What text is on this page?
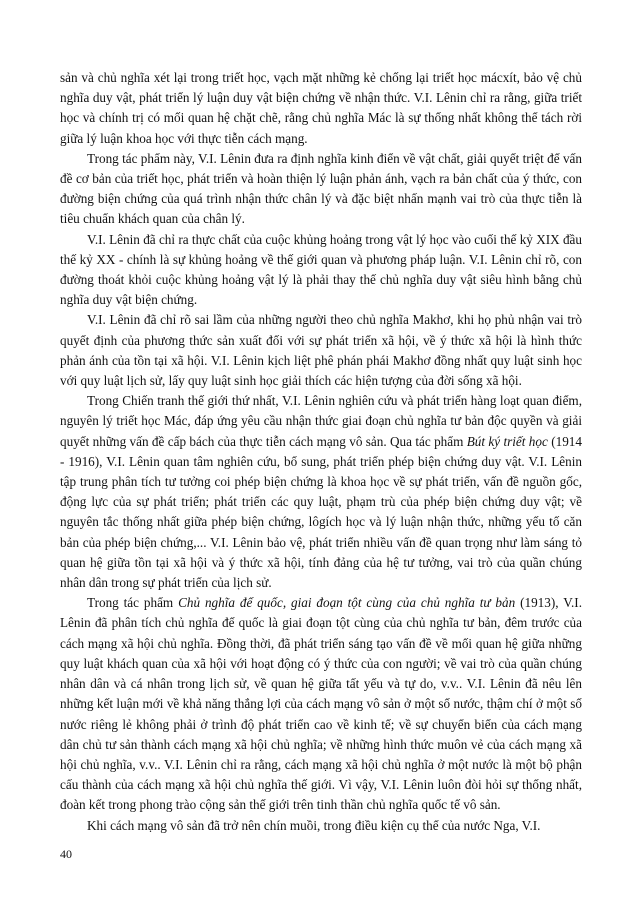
sản và chủ nghĩa xét lại trong triết học, vạch mặt những kẻ chống lại triết học mácxít, bảo vệ chủ nghĩa duy vật, phát triển lý luận duy vật biện chứng về nhận thức. V.I. Lênin chỉ ra rằng, giữa triết học và chính trị có mối quan hệ chặt chẽ, rằng chủ nghĩa Mác là sự thống nhất không thể tách rời giữa lý luận khoa học với thực tiễn cách mạng.

Trong tác phẩm này, V.I. Lênin đưa ra định nghĩa kinh điển về vật chất, giải quyết triệt để vấn đề cơ bản của triết học, phát triển và hoàn thiện lý luận phản ánh, vạch ra bản chất của ý thức, con đường biện chứng của quá trình nhận thức chân lý và đặc biệt nhấn mạnh vai trò của thực tiễn là tiêu chuẩn khách quan của chân lý.

V.I. Lênin đã chỉ ra thực chất của cuộc khủng hoảng trong vật lý học vào cuối thế kỷ XIX đầu thế kỷ XX - chính là sự khủng hoảng về thế giới quan và phương pháp luận. V.I. Lênin chỉ rõ, con đường thoát khỏi cuộc khủng hoảng vật lý là phải thay thế chủ nghĩa duy vật siêu hình bằng chủ nghĩa duy vật biện chứng.

V.I. Lênin đã chỉ rõ sai lầm của những người theo chủ nghĩa Makhơ, khi họ phủ nhận vai trò quyết định của phương thức sản xuất đối với sự phát triển xã hội, về ý thức xã hội là hình thức phản ánh của tồn tại xã hội. V.I. Lênin kịch liệt phê phán phái Makhơ đồng nhất quy luật sinh học với quy luật lịch sử, lấy quy luật sinh học giải thích các hiện tượng của đời sống xã hội.

Trong Chiến tranh thế giới thứ nhất, V.I. Lênin nghiên cứu và phát triển hàng loạt quan điểm, nguyên lý triết học Mác, đáp ứng yêu cầu nhận thức giai đoạn chủ nghĩa tư bản độc quyền và giải quyết những vấn đề cấp bách của thực tiễn cách mạng vô sản. Qua tác phẩm Bút ký triết học (1914 - 1916), V.I. Lênin quan tâm nghiên cứu, bổ sung, phát triển phép biện chứng duy vật. V.I. Lênin tập trung phân tích tư tưởng coi phép biện chứng là khoa học về sự phát triển, vấn đề nguồn gốc, động lực của sự phát triển; phát triển các quy luật, phạm trù của phép biện chứng duy vật; về nguyên tắc thống nhất giữa phép biện chứng, lôgích học và lý luận nhận thức, những yếu tố căn bản của phép biện chứng,... V.I. Lênin bảo vệ, phát triển nhiều vấn đề quan trọng như làm sáng tỏ quan hệ giữa tồn tại xã hội và ý thức xã hội, tính đảng của hệ tư tưởng, vai trò của quần chúng nhân dân trong sự phát triển của lịch sử.

Trong tác phẩm Chủ nghĩa đế quốc, giai đoạn tột cùng của chủ nghĩa tư bản (1913), V.I. Lênin đã phân tích chủ nghĩa đế quốc là giai đoạn tột cùng của chủ nghĩa tư bản, đêm trước của cách mạng xã hội chủ nghĩa. Đồng thời, đã phát triển sáng tạo vấn đề về mối quan hệ giữa những quy luật khách quan của xã hội với hoạt động có ý thức của con người; về vai trò của quần chúng nhân dân và cá nhân trong lịch sử, về quan hệ giữa tất yếu và tự do, v.v.. V.I. Lênin đã nêu lên những kết luận mới về khả năng thắng lợi của cách mạng vô sản ở một số nước, thậm chí ở một số nước riêng lẻ không phải ở trình độ phát triển cao về kinh tế; về sự chuyển biến của cách mạng dân chủ tư sản thành cách mạng xã hội chủ nghĩa; về những hình thức muôn vẻ của cách mạng xã hội chủ nghĩa, v.v.. V.I. Lênin chỉ ra rằng, cách mạng xã hội chủ nghĩa ở một nước là một bộ phận cấu thành của cách mạng xã hội chủ nghĩa thế giới. Vì vậy, V.I. Lênin luôn đòi hỏi sự thống nhất, đoàn kết trong phong trào cộng sản thế giới trên tinh thần chủ nghĩa quốc tế vô sản.

Khi cách mạng vô sản đã trở nên chín muồi, trong điều kiện cụ thể của nước Nga, V.I.

40
